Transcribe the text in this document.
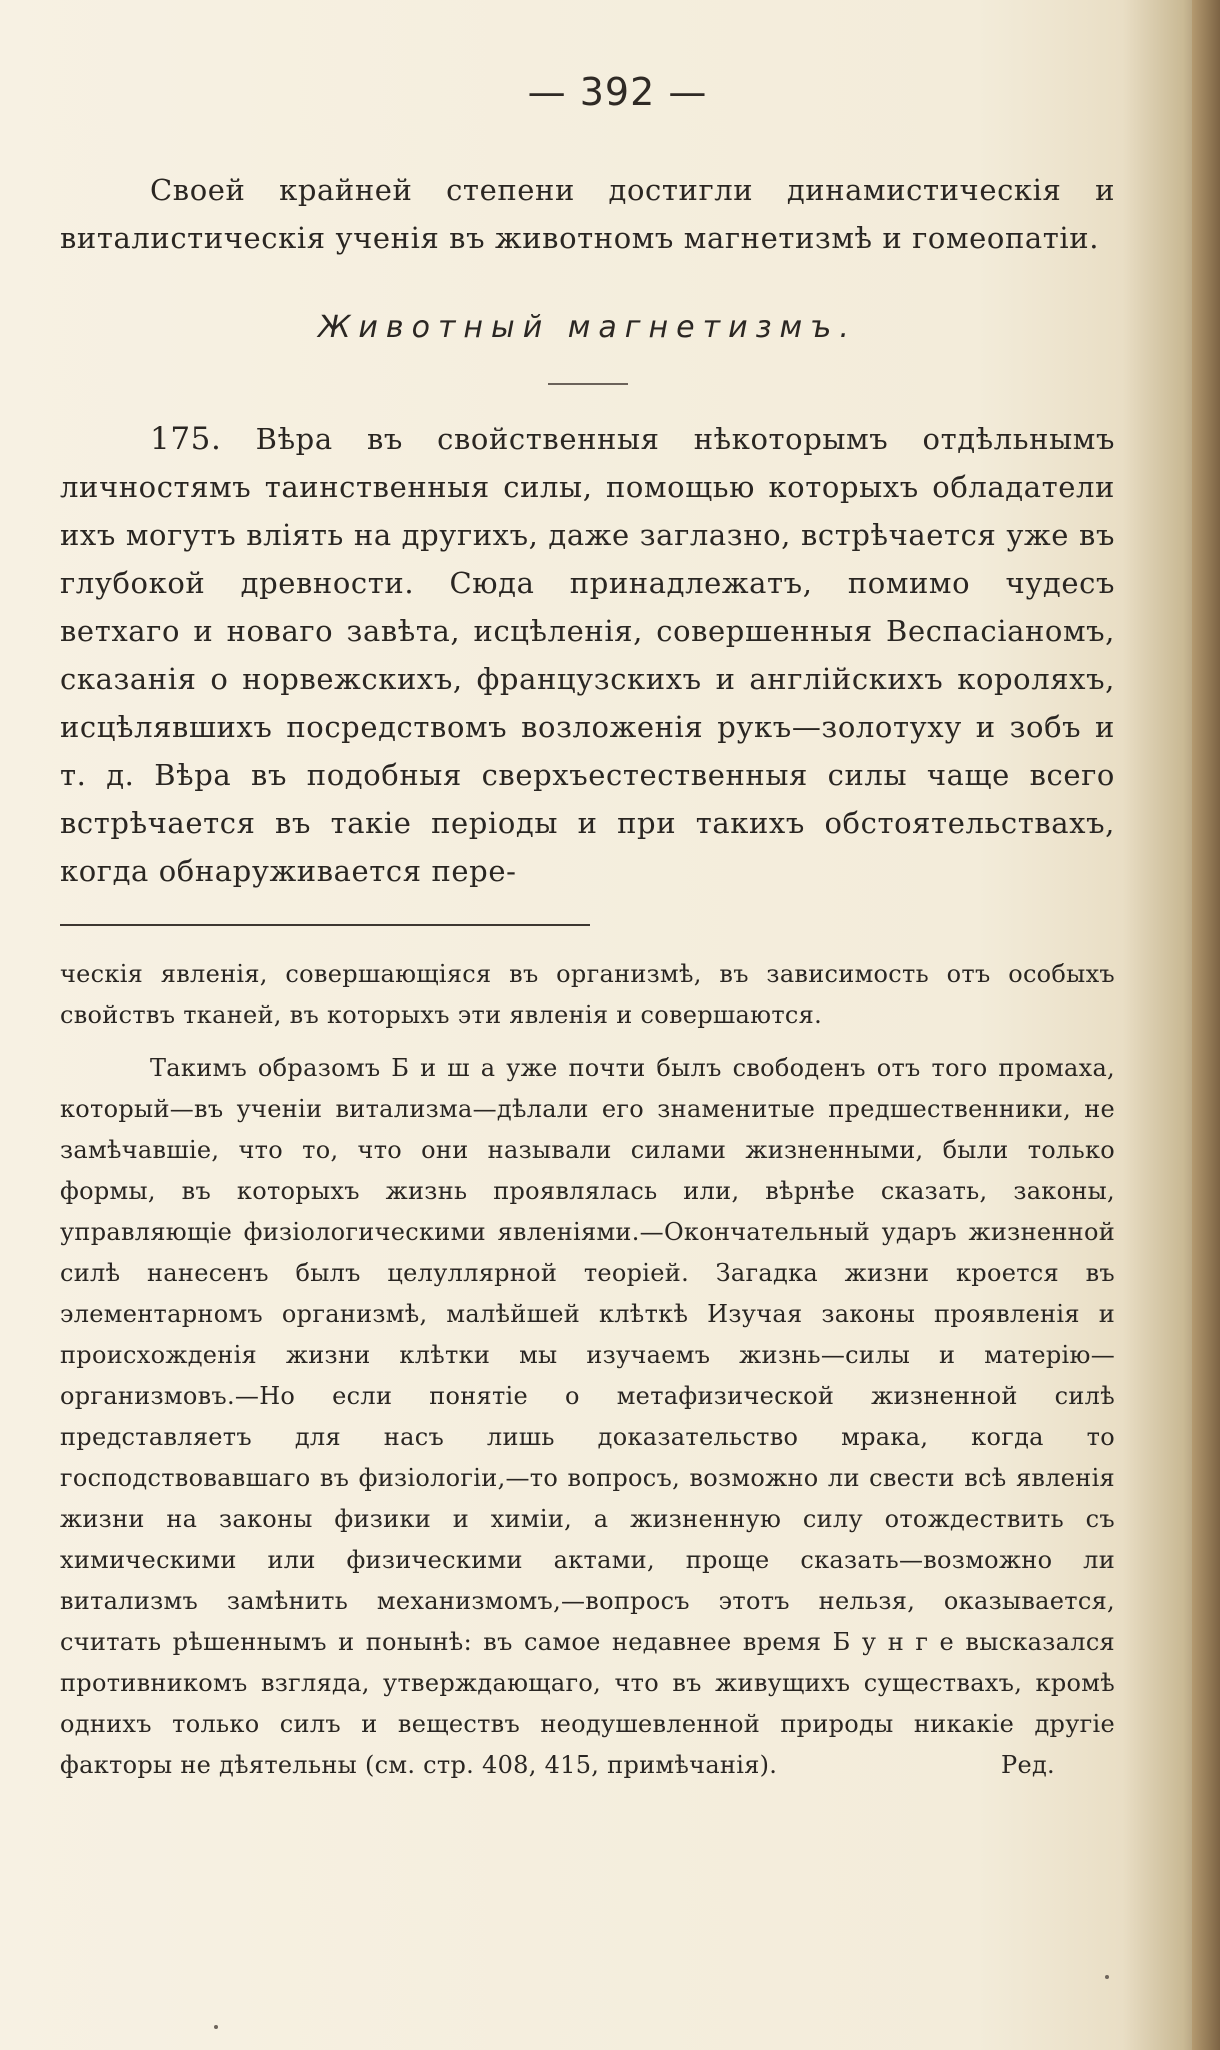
— 392 —

Своей крайней степени достигли динамистическія и виталистическія ученія въ животномъ магнетизмѣ и гомеопатіи.

Животный магнетизмъ.

175. Вѣра въ свойственныя нѣкоторымъ отдѣльнымъ личностямъ таинственныя силы, помощью которыхъ обладатели ихъ могутъ влiять на другихъ, даже заглазно, встрѣчается уже въ глубокой древности. Сюда принадлежатъ, помимо чудесъ ветхаго и новаго завѣта, исцѣленія, совершенныя Веспасіаномъ, сказанія о норвежскихъ, французскихъ и англійскихъ короляхъ, исцѣлявшихъ посредствомъ возложенія рукъ—золотуху и зобъ и т. д. Вѣра въ подобныя сверхъестественныя силы чаще всего встрѣчается въ такіе періоды и при такихъ обстоятельствахъ, когда обнаруживается пере-

ческія явленія, совершающіяся въ организмѣ, въ зависимость отъ особыхъ свойствъ тканей, въ которыхъ эти явленія и совершаются.

Такимъ образомъ Б и ш а уже почти былъ свободенъ отъ того промаха, который—въ ученіи витализма—дѣлали его знаменитые предшественники, не замѣчавшіе, что то, что они называли силами жизненными, были только формы, въ которыхъ жизнь проявлялась или, вѣрнѣе сказать, законы, управляющіе физіологическими явленіями.—Окончательный ударъ жизненной силѣ нанесенъ былъ целуллярной теоріей. Загадка жизни кроется въ элементарномъ организмѣ, малѣйшей клѣткѣ Изучая законы проявленія и происхожденія жизни клѣтки мы изучаемъ жизнь—силы и матерію—организмовъ.—Но если понятіе о метафизической жизненной силѣ представляетъ для насъ лишь доказательство мрака, когда то господствовавшаго въ физіологіи,—то вопросъ, возможно ли свести всѣ явленія жизни на законы физики и химіи, а жизненную силу отождествить съ химическими или физическими актами, проще сказать—возможно ли витализмъ замѣнить механизмомъ,—вопросъ этотъ нельзя, оказывается, считать рѣшеннымъ и понынѣ: въ самое недавнее время Б у н г е высказался противникомъ взгляда, утверждающаго, что въ живущихъ существахъ, кромѣ однихъ только силъ и веществъ неодушевленной природы никакіе другіе факторы не дѣятельны (см. стр. 408, 415, примѣчанія).	Ред.
